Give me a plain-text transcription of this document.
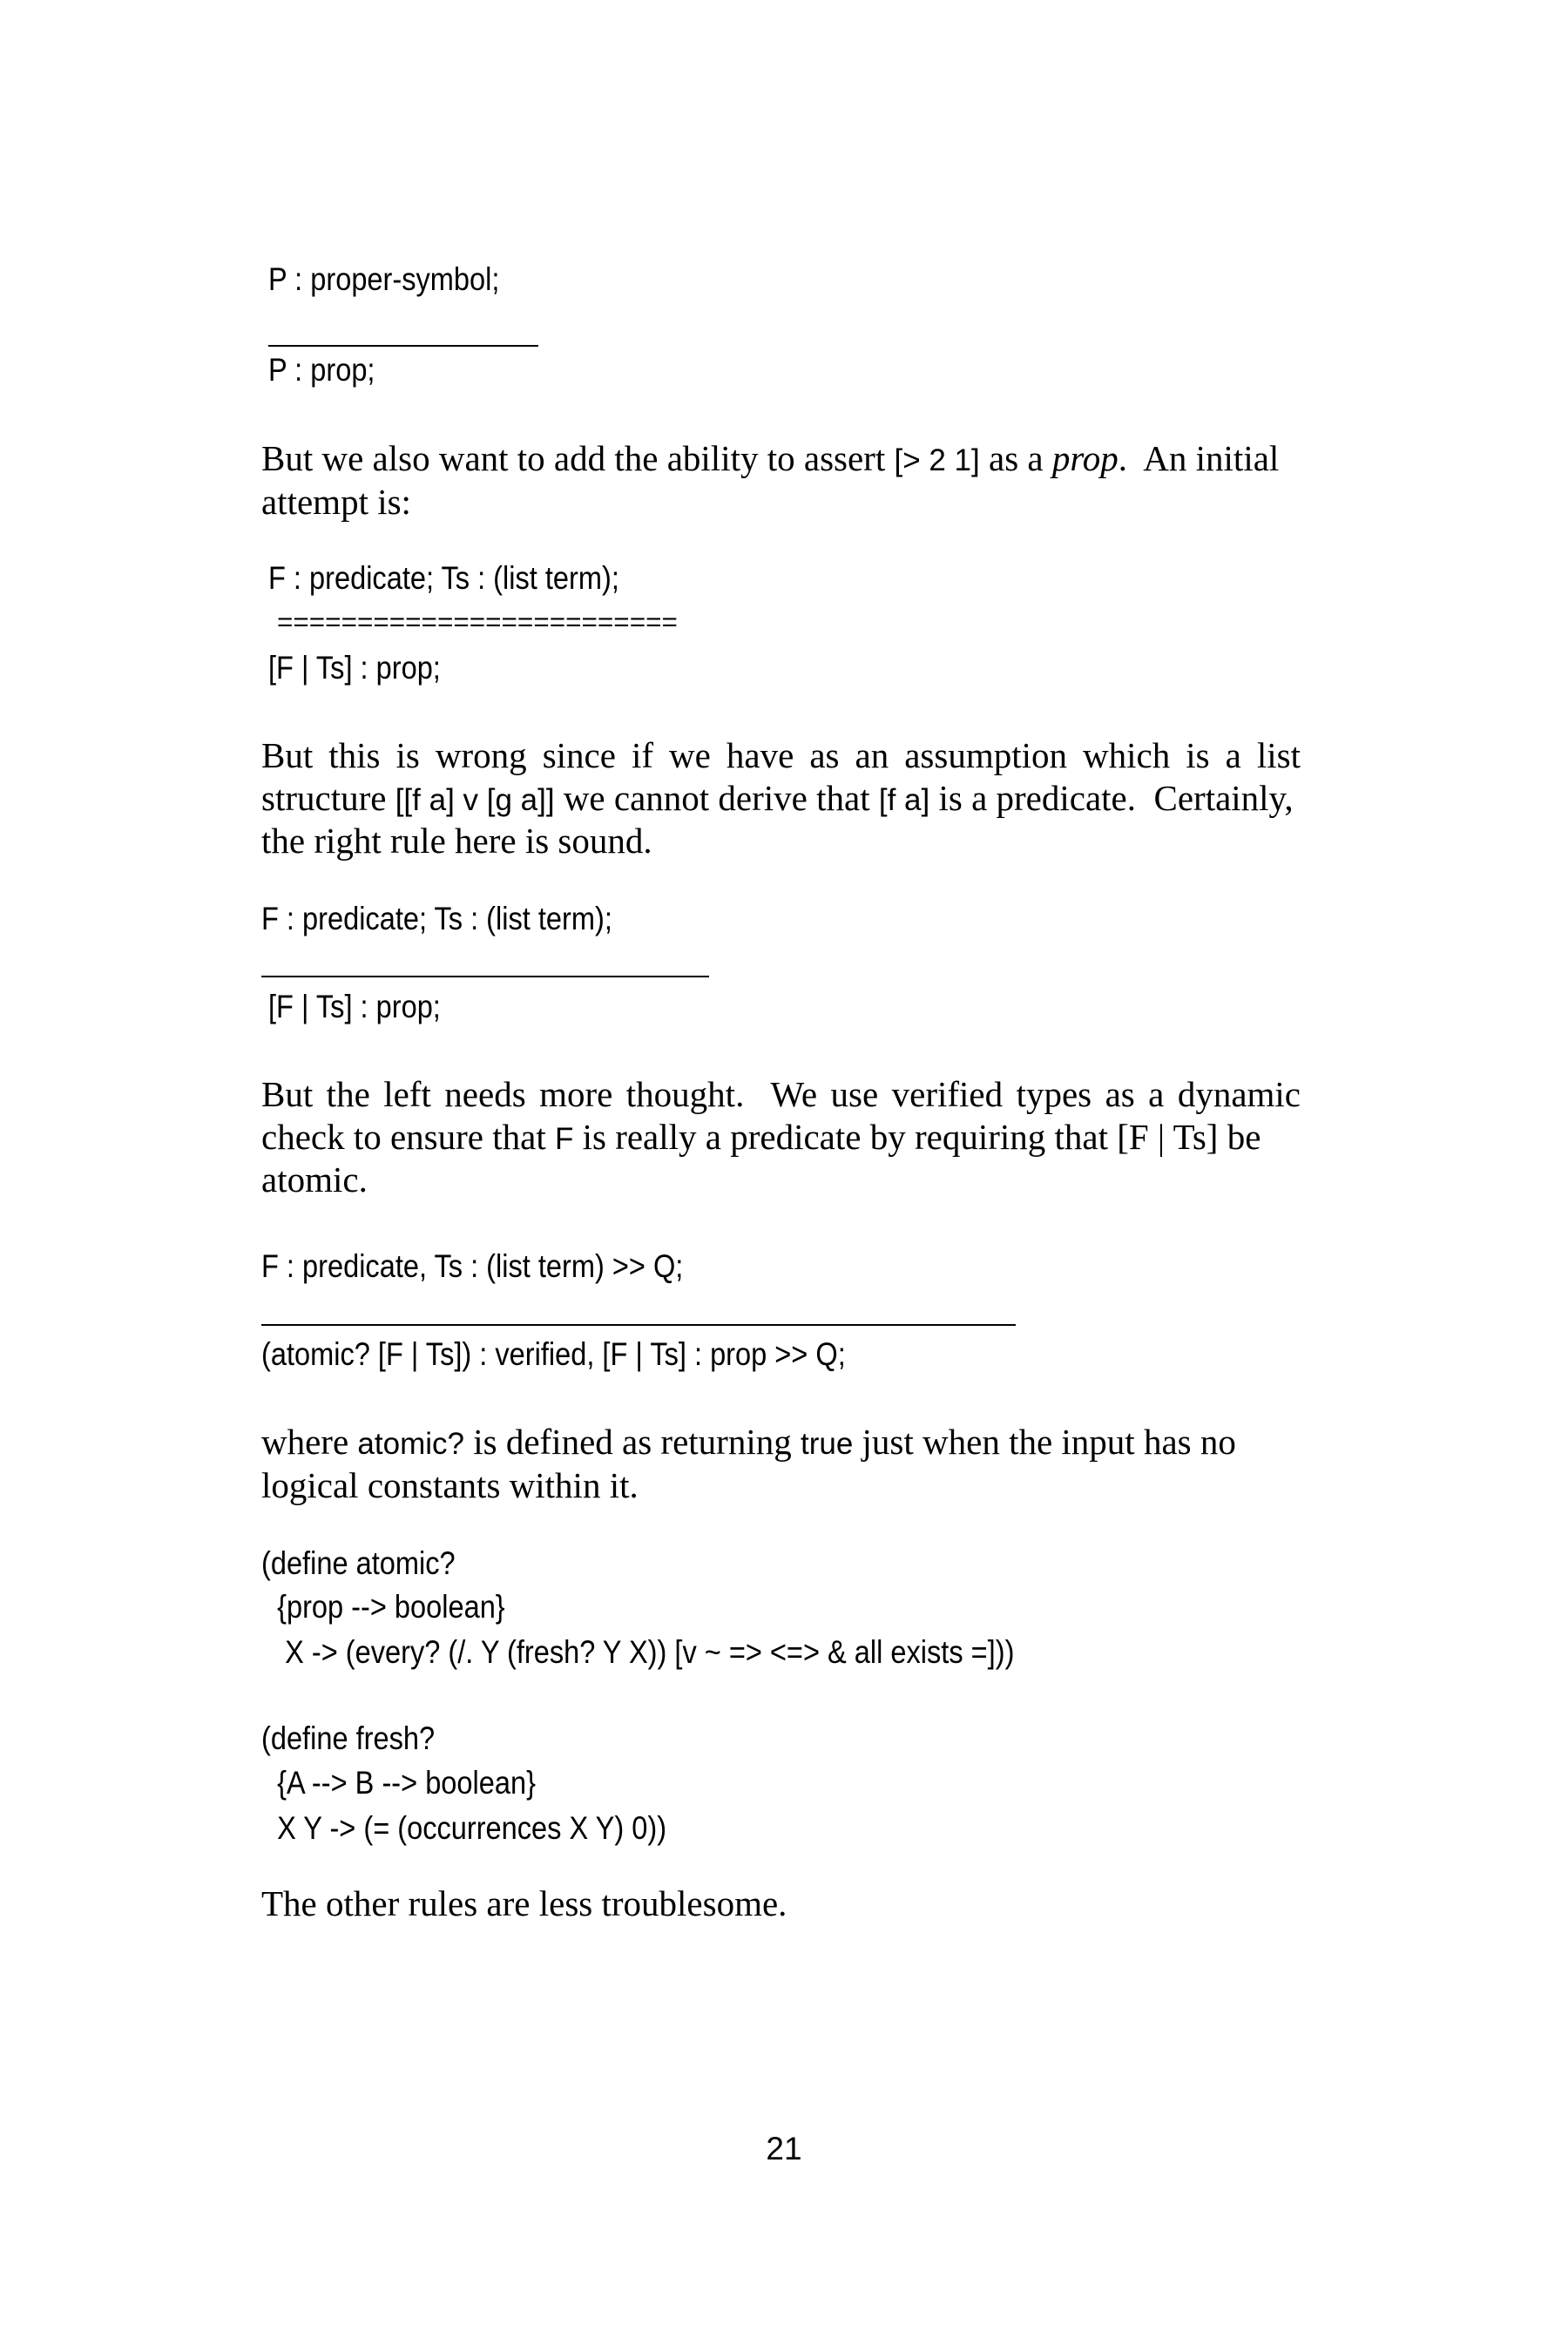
P : proper-symbol;
P : prop;
But we also want to add the ability to assert [> 2 1] as a prop.  An initial
attempt is:
F : predicate; Ts : (list term);
=========================
[F | Ts] : prop;
But this is wrong since if we have as an assumption which is a list
structure [[f a] v [g a]] we cannot derive that [f a] is a predicate.  Certainly,
the right rule here is sound.
F : predicate; Ts : (list term);
[F | Ts] : prop;
But the left needs more thought.  We use verified types as a dynamic
check to ensure that F is really a predicate by requiring that [F | Ts] be
atomic.
F : predicate, Ts : (list term) >> Q;
(atomic? [F | Ts]) : verified, [F | Ts] : prop >> Q;
where atomic? is defined as returning true just when the input has no
logical constants within it.
(define atomic?
{prop --> boolean}
X -> (every? (/. Y (fresh? Y X)) [v ~ => <=> & all exists =]))
(define fresh?
{A --> B --> boolean}
X Y -> (= (occurrences X Y) 0))
The other rules are less troublesome.
21
